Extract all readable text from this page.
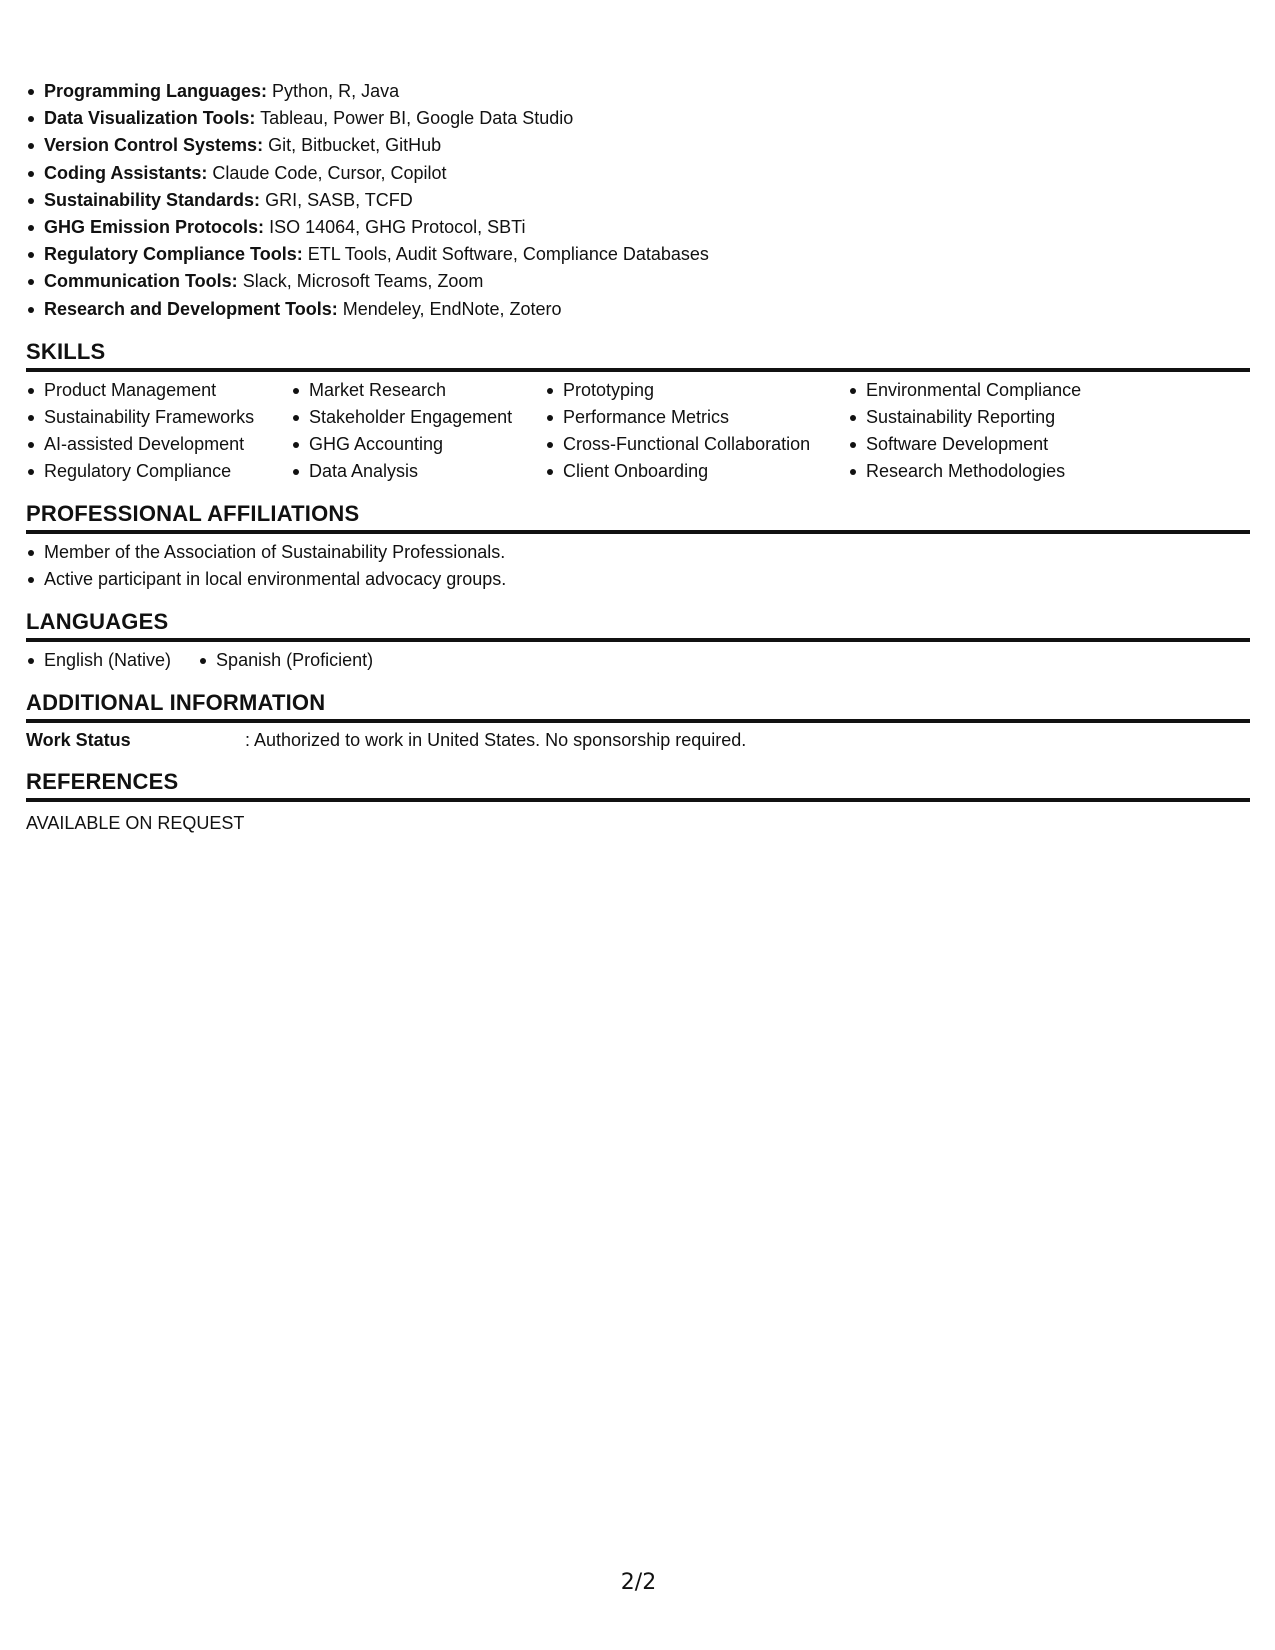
Programming Languages: Python, R, Java
Data Visualization Tools: Tableau, Power BI, Google Data Studio
Version Control Systems: Git, Bitbucket, GitHub
Coding Assistants: Claude Code, Cursor, Copilot
Sustainability Standards: GRI, SASB, TCFD
GHG Emission Protocols: ISO 14064, GHG Protocol, SBTi
Regulatory Compliance Tools: ETL Tools, Audit Software, Compliance Databases
Communication Tools: Slack, Microsoft Teams, Zoom
Research and Development Tools: Mendeley, EndNote, Zotero
SKILLS
Product Management
Sustainability Frameworks
AI-assisted Development
Regulatory Compliance
Market Research
Stakeholder Engagement
GHG Accounting
Data Analysis
Prototyping
Performance Metrics
Cross-Functional Collaboration
Client Onboarding
Environmental Compliance
Sustainability Reporting
Software Development
Research Methodologies
PROFESSIONAL AFFILIATIONS
Member of the Association of Sustainability Professionals.
Active participant in local environmental advocacy groups.
LANGUAGES
English (Native)	Spanish (Proficient)
ADDITIONAL INFORMATION
Work Status	: Authorized to work in United States. No sponsorship required.
REFERENCES
AVAILABLE ON REQUEST
2/2
